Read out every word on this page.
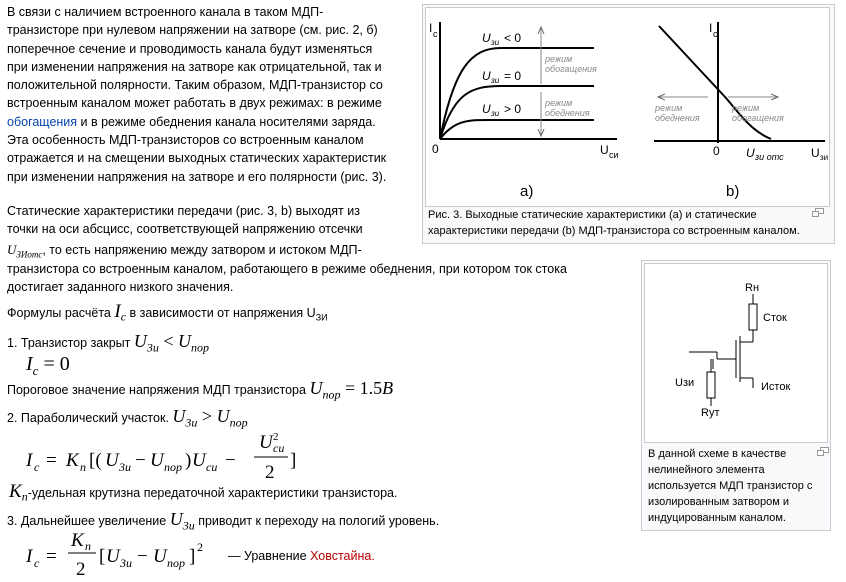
В связи с наличием встроенного канала в таком МДП-
транзисторе при нулевом напряжении на затворе (см. рис. 2, б)
поперечное сечение и проводимость канала будут изменяться
при изменении напряжения на затворе как отрицательной, так и
положительной полярности. Таким образом, МДП-транзистор со
встроенным каналом может работать в двух режимах: в режиме
обогащения и в режиме обеднения канала носителями заряда.
Эта особенность МДП-транзисторов со встроенным каналом
отражается и на смещении выходных статических характеристик
при изменении напряжения на затворе и его полярности (рис. 3).
Статические характеристики передачи (рис. 3, b) выходят из
точки на оси абсцисс, соответствующей напряжению отсечки
$U_{ЗИотс}$, то есть напряжению между затвором и истоком МДП-
транзистора со встроенным каналом, работающего в режиме обеднения, при котором ток стока
достигает заданного низкого значения.
Формулы расчёта $I_c$ в зависимости от напряжения $U_{ЗИ}$
1. Транзистор закрыт $U_{3u} < U_{nop}$
$I_c = 0$
Пороговое значение напряжения МДП транзистора $U_{nop} = 1.5B$
2. Параболический участок. $U_{3u} > U_{nop}$
I c = K n [( U 3u − U nop ) U cu −
U cu
2
2
]
$K_n$-удельная крутизна передаточной характеристики транзистора.
3. Дальнейшее увеличение $U_{3u}$ приводит к переходу на пологий уровень.
I c =
K n
2
[ U 3u − U nop ] 2
— Уравнение Ховстайна.
I c
0	U си
U зи < 0
U зи = 0
U зи > 0
режим
обогащения
режим
обеднения
a)
I c
0 U зи отс U зи
режим
обеднения
режим
обогащения
b)
Рис. 3. Выходные статические характеристики (а) и статические характеристики передачи (b) МДП-транзистора со встроенным каналом.
Rн
Сток
Uзи	Исток
Rут
В данной схеме в качестве
нелинейного элемента
используется МДП транзистор с
изолированным затвором и
индуцированным каналом.
